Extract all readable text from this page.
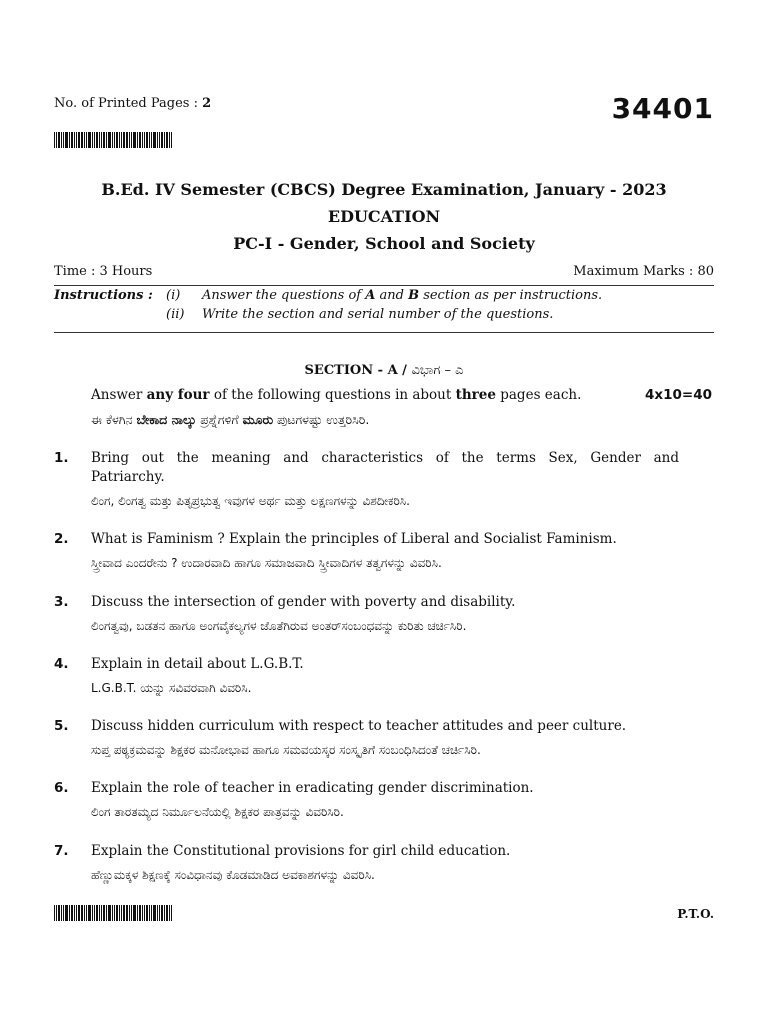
No. of Printed Pages : 2	34401
B.Ed. IV Semester (CBCS) Degree Examination, January - 2023
EDUCATION
PC-I - Gender, School and Society
Time : 3 Hours	Maximum Marks : 80
Instructions : (i) Answer the questions of A and B section as per instructions.
(ii) Write the section and serial number of the questions.
SECTION - A / ವಿಭಾಗ – ಎ
Answer any four of the following questions in about three pages each.	4x10=40
ಈ ಕೆಳಗಿನ ಬೇಕಾದ ನಾಲ್ಕು ಪ್ರಶ್ನೆಗಳಿಗೆ ಮೂರು ಪುಟಗಳಷ್ಟು ಉತ್ತರಿಸಿರಿ.
1. Bring out the meaning and characteristics of the terms Sex, Gender and Patriarchy.
ಲಿಂಗ, ಲಿಂಗತ್ವ ಮತ್ತು ಪಿತೃಪ್ರಭುತ್ವ ಇವುಗಳ ಅರ್ಥ ಮತ್ತು ಲಕ್ಷಣಗಳನ್ನು ವಿಶದೀಕರಿಸಿ.
2. What is Faminism ? Explain the principles of Liberal and Socialist Faminism.
ಸ್ತ್ರೀವಾದ ಎಂದರೇನು ? ಉದಾರವಾದಿ ಹಾಗೂ ಸಮಾಜವಾದಿ ಸ್ತ್ರೀವಾದಿಗಳ ತತ್ವಗಳನ್ನು ವಿವರಿಸಿ.
3. Discuss the intersection of gender with poverty and disability.
ಲಿಂಗತ್ವವು, ಬಡತನ ಹಾಗೂ ಅಂಗವೈಕಲ್ಯಗಳ ಜೊತೆಗಿರುವ ಅಂತರ್‌ಸಂಬಂಧವನ್ನು ಕುರಿತು ಚರ್ಚಿಸಿರಿ.
4. Explain in detail about L.G.B.T.
L.G.B.T. ಯನ್ನು ಸವಿವರವಾಗಿ ವಿವರಿಸಿ.
5. Discuss hidden curriculum with respect to teacher attitudes and peer culture.
ಸುಪ್ತ ಪಠ್ಯಕ್ರಮವನ್ನು ಶಿಕ್ಷಕರ ಮನೋಭಾವ ಹಾಗೂ ಸಮವಯಸ್ಕರ ಸಂಸ್ಕೃತಿಗೆ ಸಂಬಂಧಿಸಿದಂತೆ ಚರ್ಚಿಸಿರಿ.
6. Explain the role of teacher in eradicating gender discrimination.
ಲಿಂಗ ತಾರತಮ್ಯದ ನಿರ್ಮೂಲನೆಯಲ್ಲಿ ಶಿಕ್ಷಕರ ಪಾತ್ರವನ್ನು ವಿವರಿಸಿರಿ.
7. Explain the Constitutional provisions for girl child education.
ಹೆಣ್ಣುಮಕ್ಕಳ ಶಿಕ್ಷಣಕ್ಕೆ ಸಂವಿಧಾನವು ಕೊಡಮಾಡಿದ ಅವಕಾಶಗಳನ್ನು ವಿವರಿಸಿ.
P.T.O.
